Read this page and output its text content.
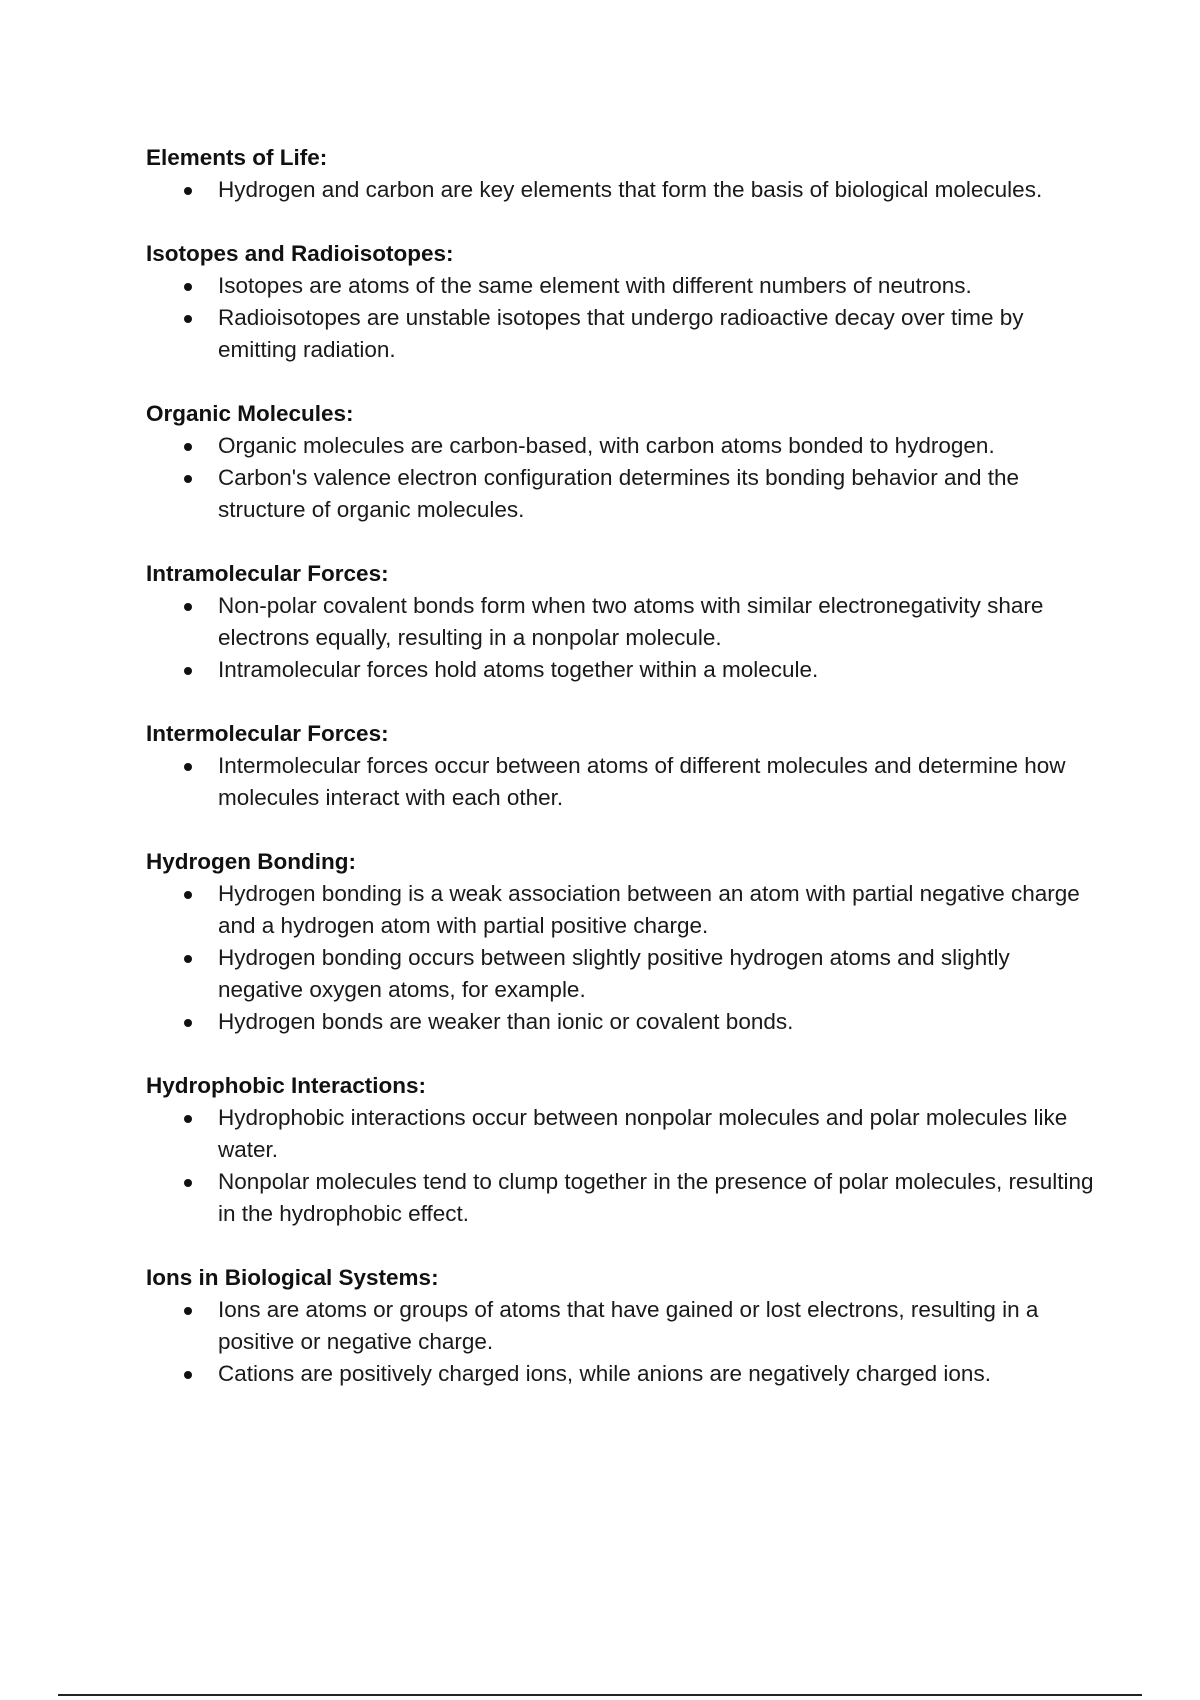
Elements of Life:

Hydrogen and carbon are key elements that form the basis of biological molecules.

Isotopes and Radioisotopes:

Isotopes are atoms of the same element with different numbers of neutrons.
Radioisotopes are unstable isotopes that undergo radioactive decay over time by emitting radiation.

Organic Molecules:

Organic molecules are carbon-based, with carbon atoms bonded to hydrogen.
Carbon's valence electron configuration determines its bonding behavior and the structure of organic molecules.

Intramolecular Forces:

Non-polar covalent bonds form when two atoms with similar electronegativity share electrons equally, resulting in a nonpolar molecule.
Intramolecular forces hold atoms together within a molecule.

Intermolecular Forces:

Intermolecular forces occur between atoms of different molecules and determine how molecules interact with each other.

Hydrogen Bonding:

Hydrogen bonding is a weak association between an atom with partial negative charge and a hydrogen atom with partial positive charge.
Hydrogen bonding occurs between slightly positive hydrogen atoms and slightly negative oxygen atoms, for example.
Hydrogen bonds are weaker than ionic or covalent bonds.

Hydrophobic Interactions:

Hydrophobic interactions occur between nonpolar molecules and polar molecules like water.
Nonpolar molecules tend to clump together in the presence of polar molecules, resulting in the hydrophobic effect.

Ions in Biological Systems:

Ions are atoms or groups of atoms that have gained or lost electrons, resulting in a positive or negative charge.
Cations are positively charged ions, while anions are negatively charged ions.
